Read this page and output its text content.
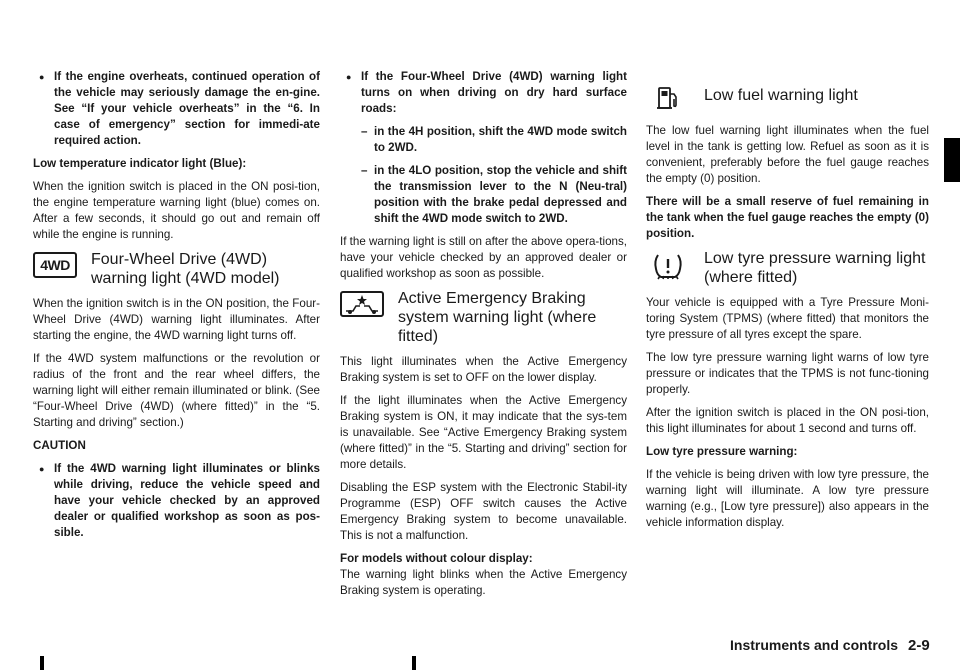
● If the engine overheats, continued operation of the vehicle may seriously damage the en-gine. See “If your vehicle overheats” in the “6. In case of emergency” section for immedi-ate required action.
Low temperature indicator light (Blue):
When the ignition switch is placed in the ON posi-tion, the engine temperature warning light (blue) comes on. After a few seconds, it should go out and remain off while the engine is running.
4WD Four-Wheel Drive (4WD) warning light (4WD model)
When the ignition switch is in the ON position, the Four-Wheel Drive (4WD) warning light illuminates. After starting the engine, the 4WD warning light turns off.
If the 4WD system malfunctions or the revolution or radius of the front and the rear wheel differs, the warning light will either remain illuminated or blink. (See “Four-Wheel Drive (4WD) (where fitted)” in the “5. Starting and driving” section.)
CAUTION
● If the 4WD warning light illuminates or blinks while driving, reduce the vehicle speed and have your vehicle checked by an approved dealer or qualified workshop as soon as pos-sible.
● If the Four-Wheel Drive (4WD) warning light turns on when driving on dry hard surface roads:
– in the 4H position, shift the 4WD mode switch to 2WD.
– in the 4LO position, stop the vehicle and shift the transmission lever to the N (Neu-tral) position with the brake pedal depressed and shift the 4WD mode switch to 2WD.
If the warning light is still on after the above opera-tions, have your vehicle checked by an approved dealer or qualified workshop as soon as possible.
Active Emergency Braking system warning light (where fitted)
This light illuminates when the Active Emergency Braking system is set to OFF on the lower display.
If the light illuminates when the Active Emergency Braking system is ON, it may indicate that the sys-tem is unavailable. See “Active Emergency Braking system (where fitted)” in the “5. Starting and driving” section for more details.
Disabling the ESP system with the Electronic Stabil-ity Programme (ESP) OFF switch causes the Active Emergency Braking system to become unavailable. This is not a malfunction.
For models without colour display:
The warning light blinks when the Active Emergency Braking system is operating.
Low fuel warning light
The low fuel warning light illuminates when the fuel level in the tank is getting low. Refuel as soon as it is convenient, preferably before the fuel gauge reaches the empty (0) position.
There will be a small reserve of fuel remaining in the tank when the fuel gauge reaches the empty (0) position.
Low tyre pressure warning light (where fitted)
Your vehicle is equipped with a Tyre Pressure Moni-toring System (TPMS) (where fitted) that monitors the tyre pressure of all tyres except the spare.
The low tyre pressure warning light warns of low tyre pressure or indicates that the TPMS is not func-tioning properly.
After the ignition switch is placed in the ON posi-tion, this light illuminates for about 1 second and turns off.
Low tyre pressure warning:
If the vehicle is being driven with low tyre pressure, the warning light will illuminate. A low tyre pressure warning (e.g., [Low tyre pressure]) also appears in the vehicle information display.
Instruments and controls 2-9
